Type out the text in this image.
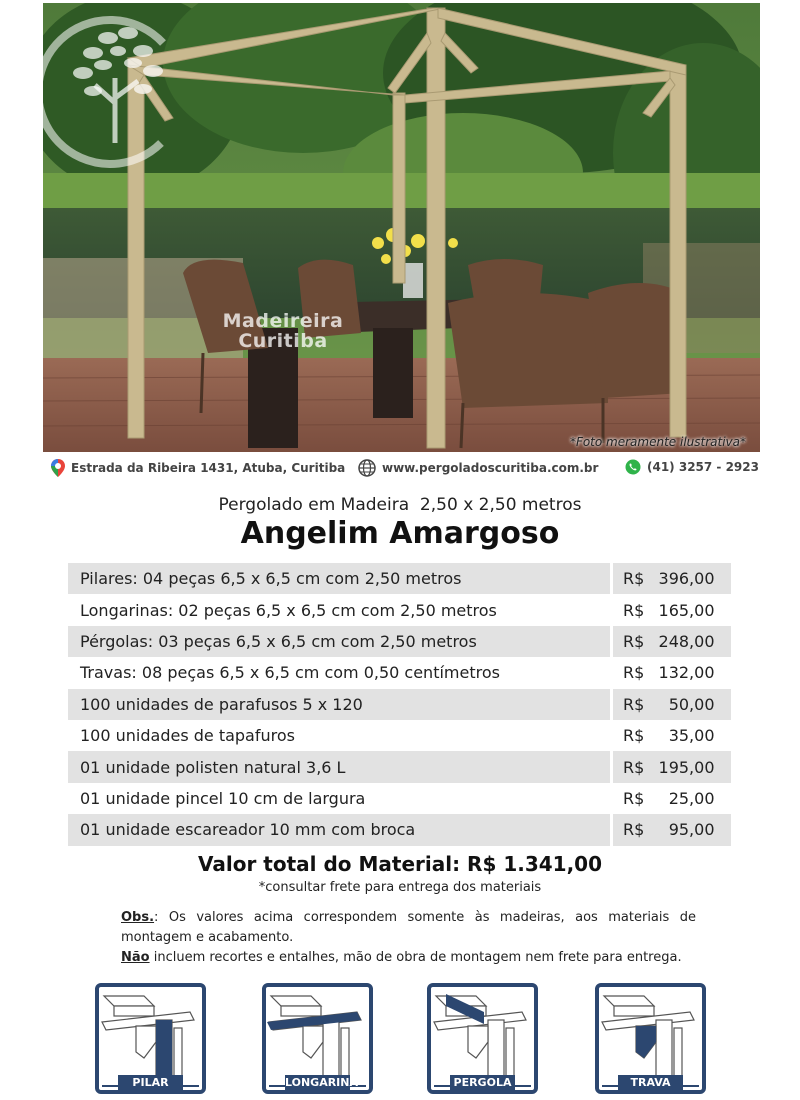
Madeireira
Curitiba
*Foto meramente ilustrativa*
Estrada da Ribeira 1431, Atuba, Curitiba	www.pergoladoscuritiba.com.br	(41) 3257 - 2923
Pergolado em Madeira  2,50 x 2,50 metros
Angelim Amargoso
Pilares: 04 peças 6,5 x 6,5 cm com 2,50 metros	R$	396,00
Longarinas: 02 peças 6,5 x 6,5 cm com 2,50 metros	R$	165,00
Pérgolas: 03 peças 6,5 x 6,5 cm com 2,50 metros	R$	248,00
Travas: 08 peças 6,5 x 6,5 cm com 0,50 centímetros	R$	132,00
100 unidades de parafusos 5 x 120	R$	50,00
100 unidades de tapafuros	R$	35,00
01 unidade polisten natural 3,6 L	R$	195,00
01 unidade pincel 10 cm de largura	R$	25,00
01 unidade escareador 10 mm com broca	R$	95,00
Valor total do Material: R$ 1.341,00
*consultar frete para entrega dos materiais
Obs.: Os valores acima correspondem somente às madeiras, aos materiais de montagem e acabamento.
Não incluem recortes e entalhes, mão de obra de montagem nem frete para entrega.
PILAR	LONGARINA	PERGOLA	TRAVA
